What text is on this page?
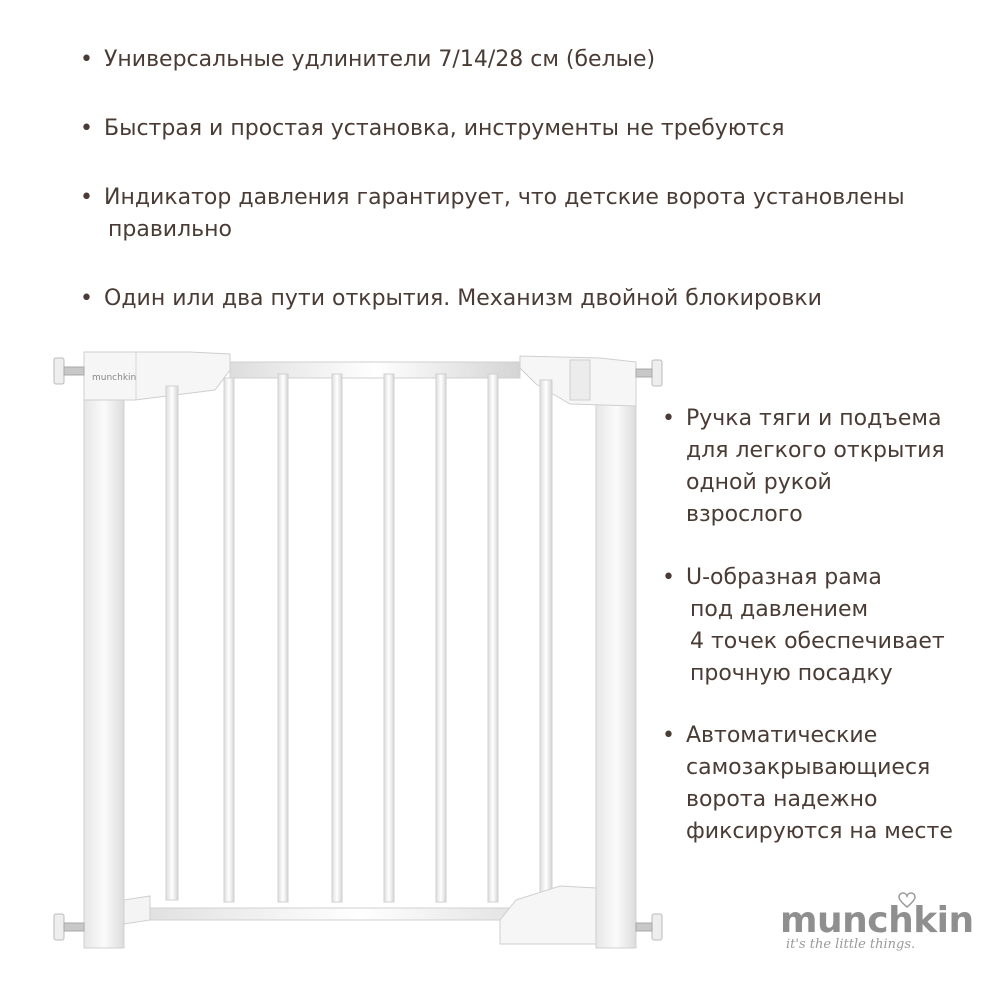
• Универсальные удлинители 7/14/28 см (белые)
• Быстрая и простая установка, инструменты не требуются
• Индикатор давления гарантирует, что детские ворота установлены
правильно
• Один или два пути открытия. Механизм двойной блокировки
• Ручка тяги и подъема
для легкого открытия
одной рукой
взрослого
• U-образная рама
под давлением
4 точек обеспечивает
прочную посадку
• Автоматические
самозакрывающиеся
ворота надежно
фиксируются на месте
munchkin
munchkin
it's the little things.
